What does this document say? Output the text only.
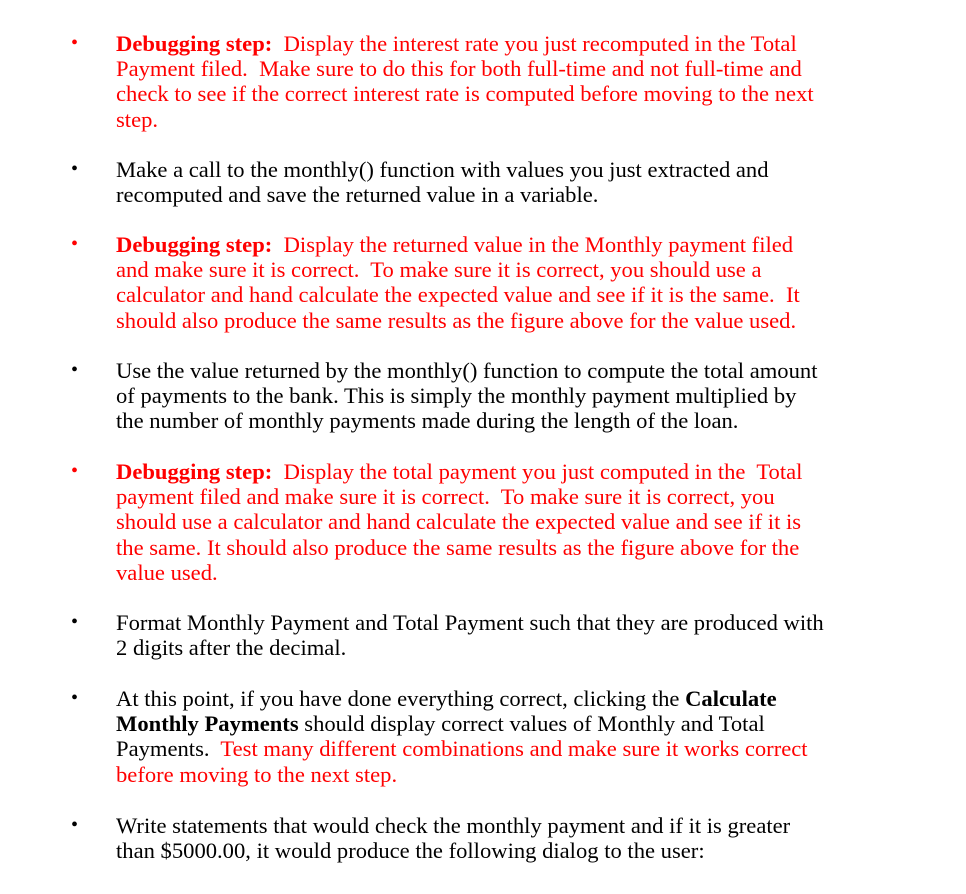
• Debugging step:  Display the interest rate you just recomputed in the Total
Payment filed.  Make sure to do this for both full-time and not full-time and
check to see if the correct interest rate is computed before moving to the next
step.
• Make a call to the monthly() function with values you just extracted and
recomputed and save the returned value in a variable.
• Debugging step:  Display the returned value in the Monthly payment filed
and make sure it is correct.  To make sure it is correct, you should use a
calculator and hand calculate the expected value and see if it is the same.  It
should also produce the same results as the figure above for the value used.
• Use the value returned by the monthly() function to compute the total amount
of payments to the bank. This is simply the monthly payment multiplied by
the number of monthly payments made during the length of the loan.
• Debugging step:  Display the total payment you just computed in the  Total
payment filed and make sure it is correct.  To make sure it is correct, you
should use a calculator and hand calculate the expected value and see if it is
the same. It should also produce the same results as the figure above for the
value used.
• Format Monthly Payment and Total Payment such that they are produced with
2 digits after the decimal.
• At this point, if you have done everything correct, clicking the Calculate
Monthly Payments should display correct values of Monthly and Total
Payments.  Test many different combinations and make sure it works correct
before moving to the next step.
• Write statements that would check the monthly payment and if it is greater
than $5000.00, it would produce the following dialog to the user:
